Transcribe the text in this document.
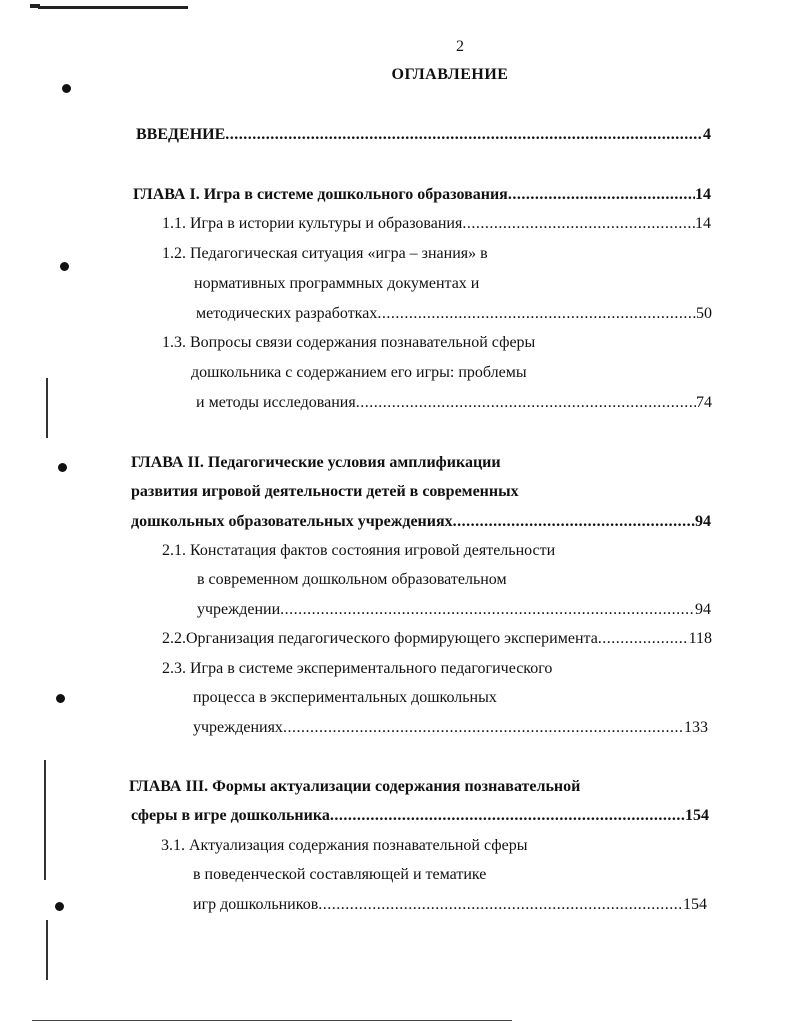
2
ОГЛАВЛЕНИЕ
ВВЕДЕНИЕ .....	4
ГЛАВА I. Игра в системе дошкольного образования .....	14
1.1. Игра в истории культуры и образования .....	14
1.2. Педагогическая ситуация «игра – знания» в
нормативных программных документах и
методических разработках .....	50
1.3. Вопросы связи содержания познавательной сферы
дошкольника с содержанием его игры: проблемы
и методы исследования .....	74
ГЛАВА II. Педагогические условия амплификации
развития игровой деятельности детей в современных
дошкольных образовательных учреждениях .....	94
2.1. Констатация фактов состояния игровой деятельности
в современном дошкольном образовательном
учреждении .....	94
2.2.Организация педагогического формирующего эксперимента .....	118
2.3. Игра в системе экспериментального педагогического
процесса в экспериментальных дошкольных
учреждениях .....	133
ГЛАВА III. Формы актуализации содержания познавательной
сферы в игре дошкольника .....	154
3.1. Актуализация содержания познавательной сферы
в поведенческой составляющей и тематике
игр дошкольников .....	154
